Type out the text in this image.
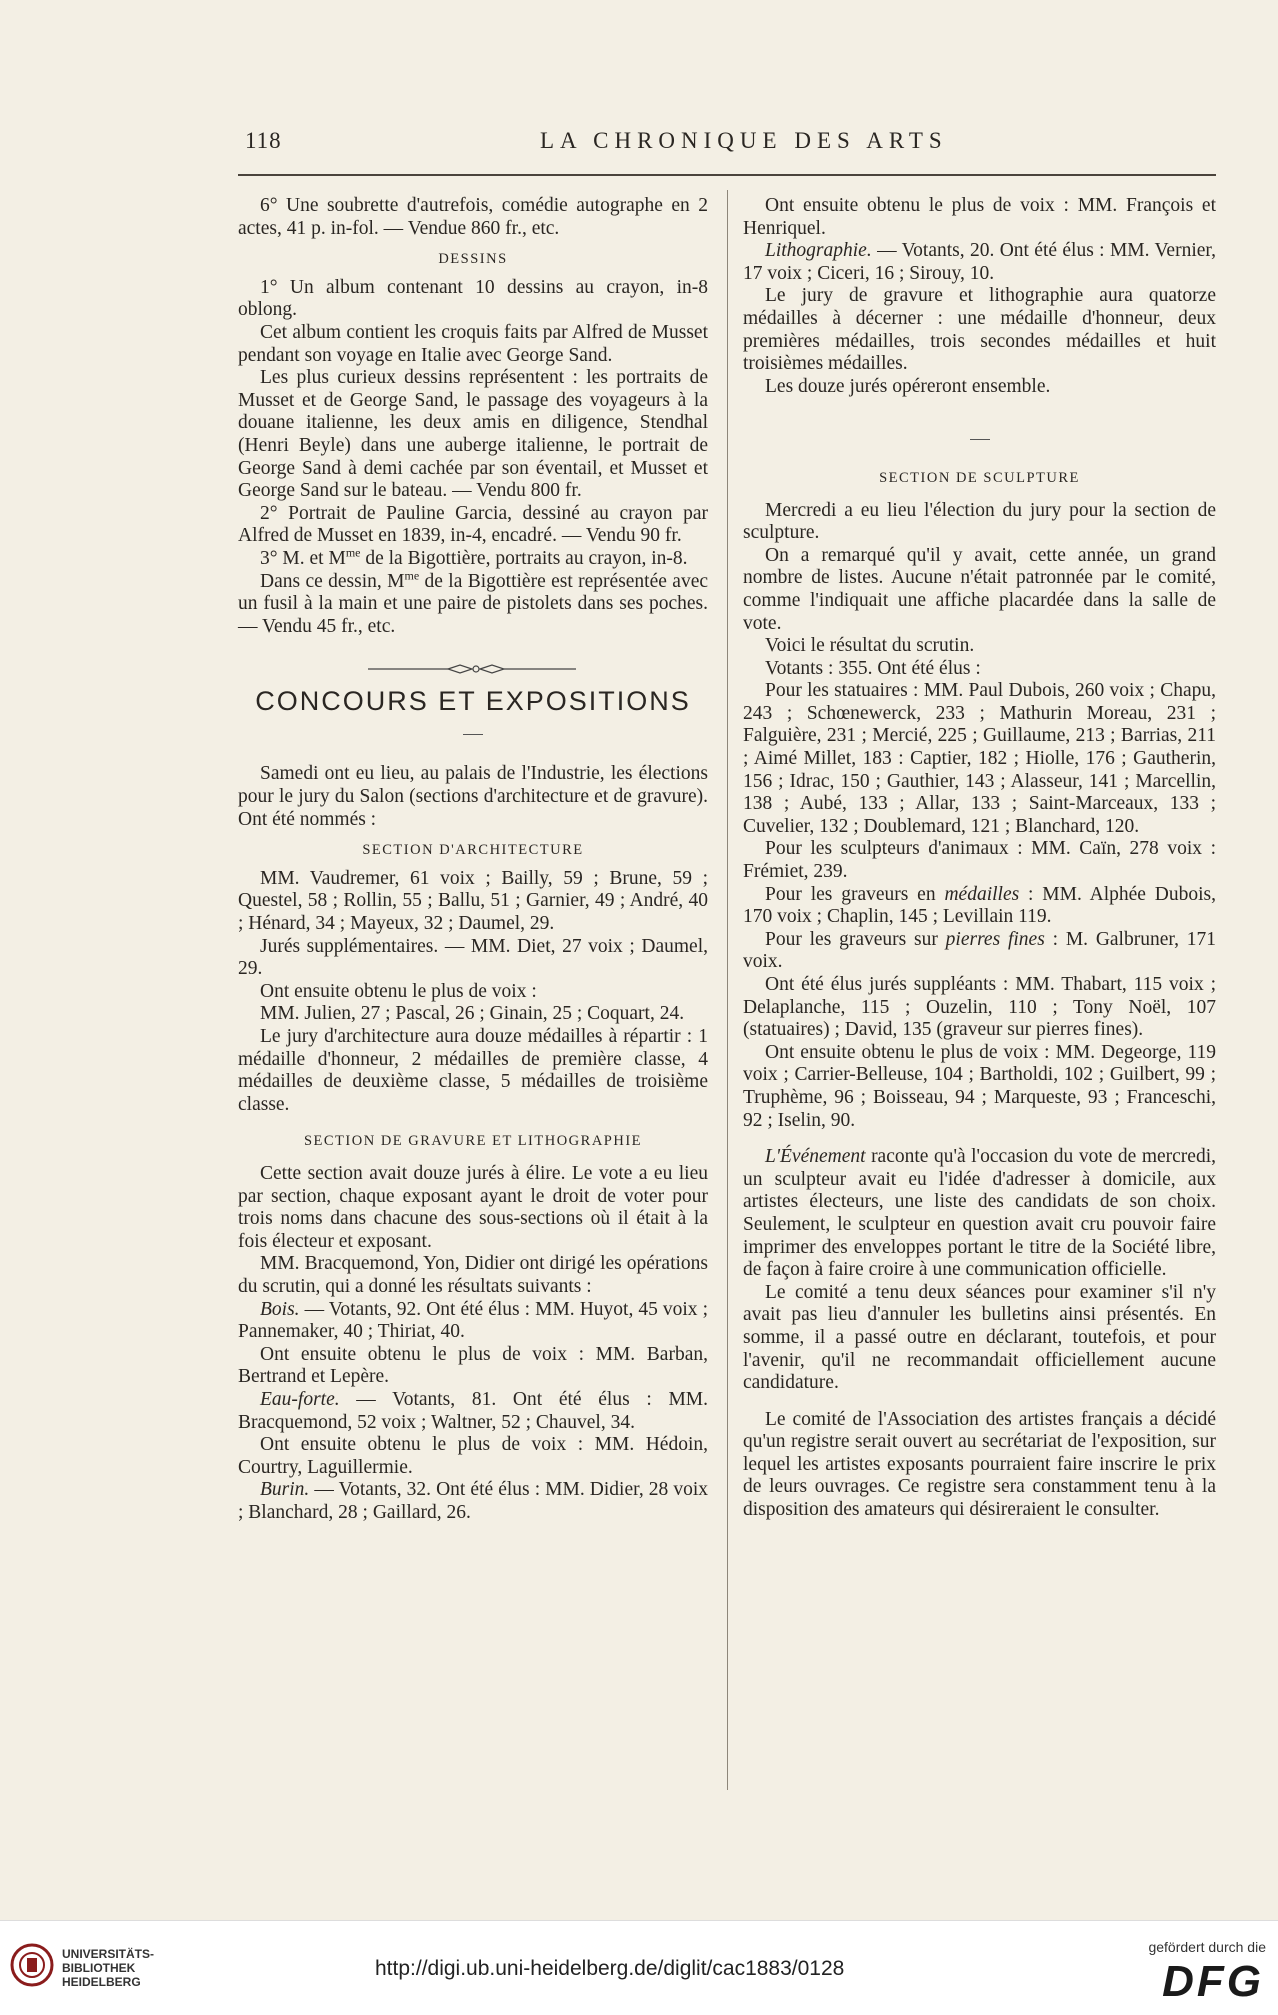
118	LA CHRONIQUE DES ARTS

6° Une soubrette d'autrefois, comédie autographe en 2 actes, 41 p. in-fol. — Vendue 860 fr., etc.

DESSINS

1° Un album contenant 10 dessins au crayon, in-8 oblong.

Cet album contient les croquis faits par Alfred de Musset pendant son voyage en Italie avec George Sand.

Les plus curieux dessins représentent : les portraits de Musset et de George Sand, le passage des voyageurs à la douane italienne, les deux amis en diligence, Stendhal (Henri Beyle) dans une auberge italienne, le portrait de George Sand à demi cachée par son éventail, et Musset et George Sand sur le bateau. — Vendu 800 fr.

2° Portrait de Pauline Garcia, dessiné au crayon par Alfred de Musset en 1839, in-4, encadré. — Vendu 90 fr.

3° M. et $M^{me}$ de la Bigottière, portraits au crayon, in-8.

Dans ce dessin, $M^{me}$ de la Bigottière est représentée avec un fusil à la main et une paire de pistolets dans ses poches. — Vendu 45 fr., etc.

CONCOURS ET EXPOSITIONS

Samedi ont eu lieu, au palais de l'Industrie, les élections pour le jury du Salon (sections d'architecture et de gravure). Ont été nommés :

SECTION D'ARCHITECTURE

MM. Vaudremer, 61 voix ; Bailly, 59 ; Brune, 59 ; Questel, 58 ; Rollin, 55 ; Ballu, 51 ; Garnier, 49 ; André, 40 ; Hénard, 34 ; Mayeux, 32 ; Daumel, 29.

Jurés supplémentaires. — MM. Diet, 27 voix ; Daumel, 29.

Ont ensuite obtenu le plus de voix :

MM. Julien, 27 ; Pascal, 26 ; Ginain, 25 ; Coquart, 24.

Le jury d'architecture aura douze médailles à répartir : 1 médaille d'honneur, 2 médailles de première classe, 4 médailles de deuxième classe, 5 médailles de troisième classe.

SECTION DE GRAVURE ET LITHOGRAPHIE

Cette section avait douze jurés à élire. Le vote a eu lieu par section, chaque exposant ayant le droit de voter pour trois noms dans chacune des sous-sections où il était à la fois électeur et exposant.

MM. Bracquemond, Yon, Didier ont dirigé les opérations du scrutin, qui a donné les résultats suivants :

Bois. — Votants, 92. Ont été élus : MM. Huyot, 45 voix ; Pannemaker, 40 ; Thiriat, 40.

Ont ensuite obtenu le plus de voix : MM. Barban, Bertrand et Lepère.

Eau-forte. — Votants, 81. Ont été élus : MM. Bracquemond, 52 voix ; Waltner, 52 ; Chauvel, 34.

Ont ensuite obtenu le plus de voix : MM. Hédoin, Courtry, Laguillermie.

Burin. — Votants, 32. Ont été élus : MM. Didier, 28 voix ; Blanchard, 28 ; Gaillard, 26.

Ont ensuite obtenu le plus de voix : MM. François et Henriquel.

Lithographie. — Votants, 20. Ont été élus : MM. Vernier, 17 voix ; Ciceri, 16 ; Sirouy, 10.

Le jury de gravure et lithographie aura quatorze médailles à décerner : une médaille d'honneur, deux premières médailles, trois secondes médailles et huit troisièmes médailles.

Les douze jurés opéreront ensemble.

SECTION DE SCULPTURE

Mercredi a eu lieu l'élection du jury pour la section de sculpture.

On a remarqué qu'il y avait, cette année, un grand nombre de listes. Aucune n'était patronnée par le comité, comme l'indiquait une affiche placardée dans la salle de vote.

Voici le résultat du scrutin.

Votants : 355. Ont été élus :

Pour les statuaires : MM. Paul Dubois, 260 voix ; Chapu, 243 ; Schœnewerck, 233 ; Mathurin Moreau, 231 ; Falguière, 231 ; Mercié, 225 ; Guillaume, 213 ; Barrias, 211 ; Aimé Millet, 183 : Captier, 182 ; Hiolle, 176 ; Gautherin, 156 ; Idrac, 150 ; Gauthier, 143 ; Alasseur, 141 ; Marcellin, 138 ; Aubé, 133 ; Allar, 133 ; Saint-Marceaux, 133 ; Cuvelier, 132 ; Doublemard, 121 ; Blanchard, 120.

Pour les sculpteurs d'animaux : MM. Caïn, 278 voix : Frémiet, 239.

Pour les graveurs en médailles : MM. Alphée Dubois, 170 voix ; Chaplin, 145 ; Levillain 119.

Pour les graveurs sur pierres fines : M. Galbruner, 171 voix.

Ont été élus jurés suppléants : MM. Thabart, 115 voix ; Delaplanche, 115 ; Ouzelin, 110 ; Tony Noël, 107 (statuaires) ; David, 135 (graveur sur pierres fines).

Ont ensuite obtenu le plus de voix : MM. Degeorge, 119 voix ; Carrier-Belleuse, 104 ; Bartholdi, 102 ; Guilbert, 99 ; Truphème, 96 ; Boisseau, 94 ; Marqueste, 93 ; Franceschi, 92 ; Iselin, 90.

L'Événement raconte qu'à l'occasion du vote de mercredi, un sculpteur avait eu l'idée d'adresser à domicile, aux artistes électeurs, une liste des candidats de son choix. Seulement, le sculpteur en question avait cru pouvoir faire imprimer des enveloppes portant le titre de la Société libre, de façon à faire croire à une communication officielle.

Le comité a tenu deux séances pour examiner s'il n'y avait pas lieu d'annuler les bulletins ainsi présentés. En somme, il a passé outre en déclarant, toutefois, et pour l'avenir, qu'il ne recommandait officiellement aucune candidature.

Le comité de l'Association des artistes français a décidé qu'un registre serait ouvert au secrétariat de l'exposition, sur lequel les artistes exposants pourraient faire inscrire le prix de leurs ouvrages. Ce registre sera constamment tenu à la disposition des amateurs qui désireraient le consulter.

UNIVERSITÄTS-
BIBLIOTHEK
HEIDELBERG
http://digi.ub.uni-heidelberg.de/diglit/cac1883/0128
gefördert durch die
DFG
